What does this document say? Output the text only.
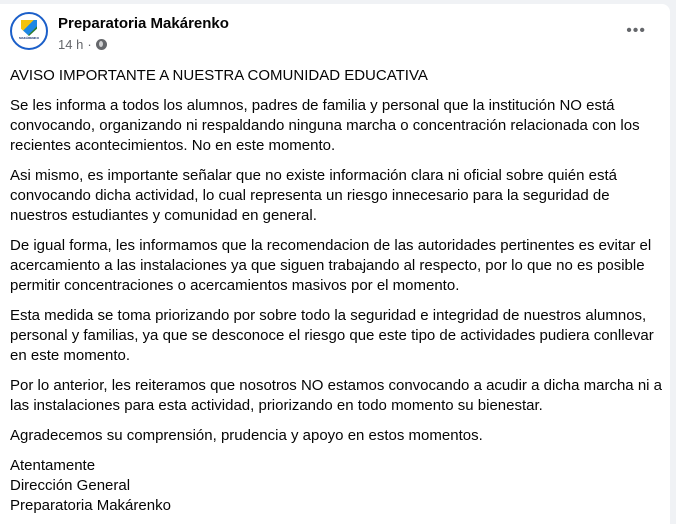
MAKÁRENKO
Preparatoria Makárenko
14 h ·
•••

AVISO IMPORTANTE A NUESTRA COMUNIDAD EDUCATIVA

Se les informa a todos los alumnos, padres de familia y personal que la institución NO está convocando, organizando ni respaldando ninguna marcha o concentración relacionada con los recientes acontecimientos. No en este momento.

Asi mismo, es importante señalar que no existe información clara ni oficial sobre quién está convocando dicha actividad, lo cual representa un riesgo innecesario para la seguridad de nuestros estudiantes y comunidad en general.

De igual forma, les informamos que la recomendacion de las autoridades pertinentes es evitar el acercamiento a las instalaciones ya que siguen trabajando al respecto, por lo que no es posible permitir concentraciones o acercamientos masivos por el momento.

Esta medida se toma priorizando por sobre todo la seguridad e integridad de nuestros alumnos, personal y familias, ya que se desconoce el riesgo que este tipo de actividades pudiera conllevar en este momento.

Por lo anterior, les reiteramos que nosotros NO estamos convocando a acudir a dicha marcha ni a las instalaciones para esta actividad, priorizando en todo momento su bienestar.

Agradecemos su comprensión, prudencia y apoyo en estos momentos.

Atentamente
Dirección General
Preparatoria Makárenko
